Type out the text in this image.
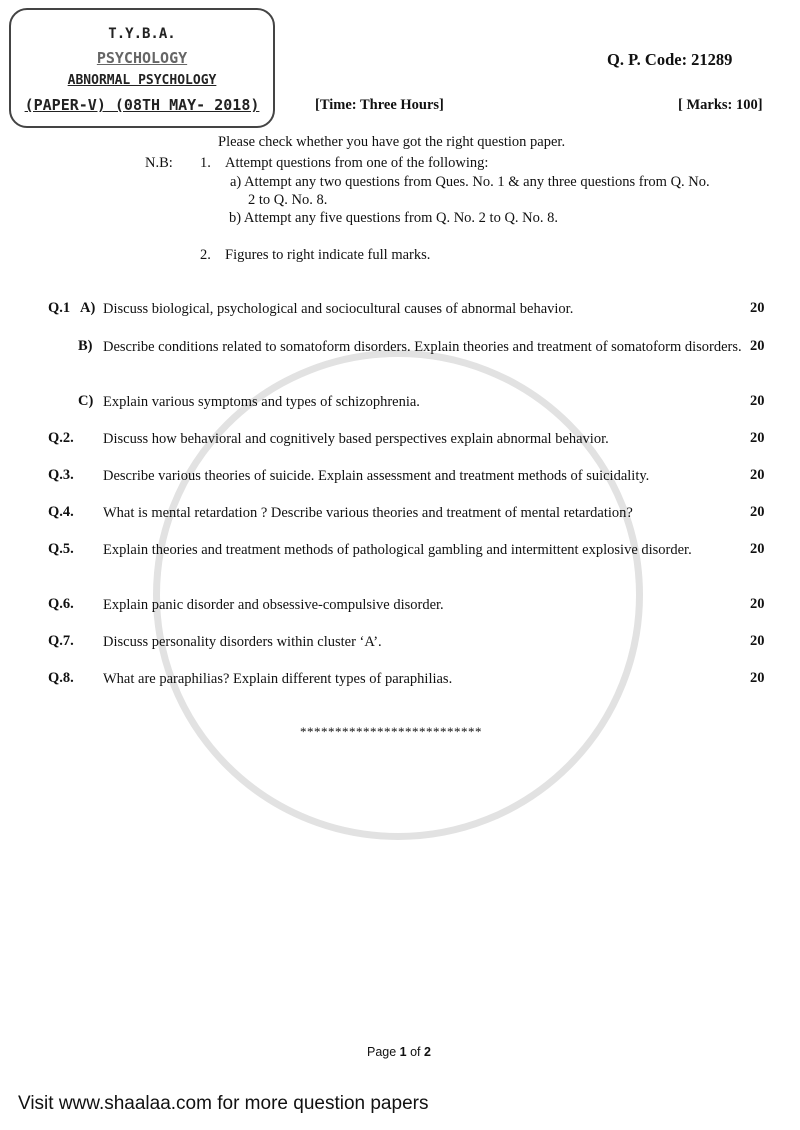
T.Y.B.A.
PSYCHOLOGY
ABNORMAL PSYCHOLOGY
(PAPER-V) (08TH MAY- 2018)
Q. P. Code: 21289
[Time: Three Hours]	[ Marks: 100]
Please check whether you have got the right question paper.
N.B: 1. Attempt questions from one of the following:
a) Attempt any two questions from Ques. No. 1 & any three questions from Q. No.
2 to Q. No. 8.
b) Attempt any five questions from Q. No. 2 to Q. No. 8.
2. Figures to right indicate full marks.
Q.1 A) Discuss biological, psychological and sociocultural causes of abnormal behavior.	20
B) Describe conditions related to somatoform disorders. Explain theories and treatment of somatoform disorders. 20
C) Explain various symptoms and types of schizophrenia.	20
Q.2. Discuss how behavioral and cognitively based perspectives explain abnormal behavior.	20
Q.3. Describe various theories of suicide. Explain assessment and treatment methods of suicidality.	20
Q.4. What is mental retardation ? Describe various theories and treatment of mental retardation?	20
Q.5. Explain theories and treatment methods of pathological gambling and intermittent explosive disorder.	20
Q.6. Explain panic disorder and obsessive-compulsive disorder.	20
Q.7. Discuss personality disorders within cluster ‘A’.	20
Q.8. What are paraphilias? Explain different types of paraphilias.	20
**************************
Page 1 of 2
Visit www.shaalaa.com for more question papers
